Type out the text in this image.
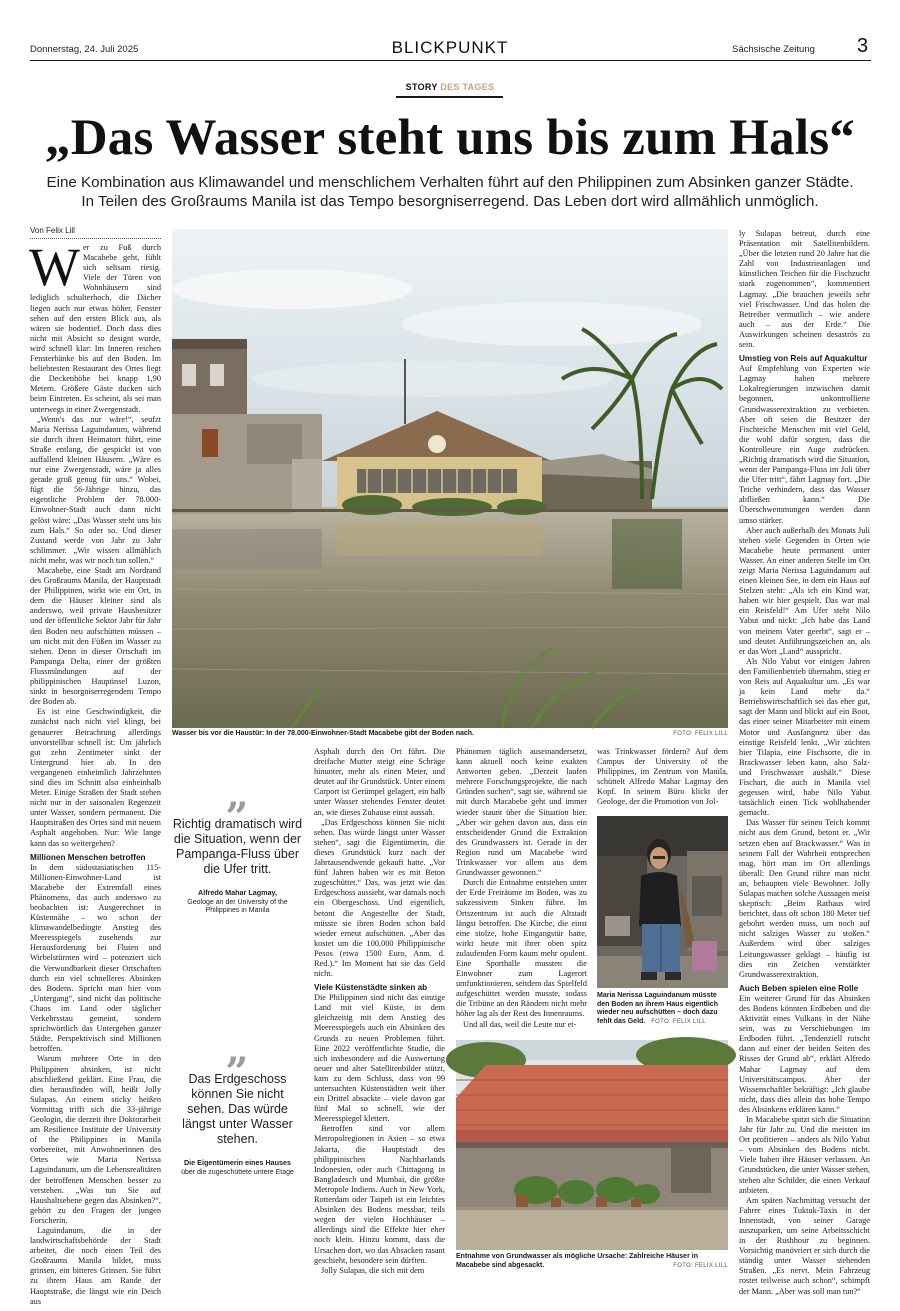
Donnerstag, 24. Juli 2025	BLICKPUNKT	Sächsische Zeitung 3
STORY DES TAGES
„Das Wasser steht uns bis zum Hals“
Eine Kombination aus Klimawandel und menschlichem Verhalten führt auf den Philippinen zum Absinken ganzer Städte.
In Teilen des Großraums Manila ist das Tempo besorgniserregend. Das Leben dort wird allmählich unmöglich.
Von Felix Lill
W er zu Fuß durch Macabebe geht, fühlt sich seltsam riesig. Viele der Türen von Wohnhäusern sind lediglich schulterhoch, die Dächer liegen auch nur etwas höher. Fenster sehen auf den ersten Blick aus, als wären sie bodentief. Doch dass dies nicht mit Absicht so designt wurde, wird schnell klar: Im Inneren reichen Fensterbänke bis auf den Boden. Im beliebtesten Restaurant des Ortes liegt die Deckenhöhe bei knapp 1,90 Metern. Größere Gäste ducken sich beim Eintreten. Es scheint, als sei man unterwegs in einer Zwergenstadt.

„Wenn's das nur wäre!“, seufzt Maria Nerissa Laguindanum, während sie durch ihren Heimatort führt, eine Straße entlang, die gespickt ist von auffallend kleinen Häusern. „Wäre es nur eine Zwergenstadt, wäre ja alles gerade groß genug für uns.“ Wobei, fügt die 56-Jährige hinzu, das eigentliche Problem der 78.000-Einwohner-Stadt auch dann nicht gelöst wäre: „Das Wasser steht uns bis zum Hals.“ So oder so. Und dieser Zustand werde von Jahr zu Jahr schlimmer. „Wir wissen allmählich nicht mehr, was wir noch tun sollen.“

Macabebe, eine Stadt am Nordrand des Großraums Manila, der Hauptstadt der Philippinen, wirkt wie ein Ort, in dem die Häuser kleiner sind als anderswo, weil private Hausbesitzer und der öffentliche Sektor Jahr für Jahr den Boden neu aufschütten müssen – um nicht mit den Füßen im Wasser zu stehen. Denn in dieser Ortschaft im Pampanga Delta, einer der größten Flussmündungen auf der philippinischen Hauptinsel Luzon, sinkt in besorgniserregendem Tempo der Boden ab.

Es ist eine Geschwindigkeit, die zunächst nach nicht viel klingt, bei genauerer Betrachtung allerdings unvorstellbar schnell ist: Um jährlich gut zehn Zentimeter sinkt der Untergrund hier ab. In den vergangenen einheimlich Jahrzehnten sind dies im Schnitt also einheinhalb Meter. Einige Straßen der Stadt stehen nicht nur in der saisonalen Regenzeit unter Wasser, sondern permanent. Die Hauptstraßen des Ortes sind mit neuem Asphalt angehoben. Nur: Wie lange kann das so weitergehen?

Millionen Menschen betroffen

In dem südostasiatischen 115-Millionen-Einwohner-Land ist Macabebe der Extremfall eines Phänomens, das auch anderswo zu beobachten ist: Ausgerechnet in Küstennähe – wo schon der klimawandelbedingte Anstieg des Meeresspiegels zusehends zur Herausforderung bei Fluten und Wirbelstürmen wird – potenziert sich die Verwundbarkeit dieser Ortschaften durch ein viel schnelleres Absinken des Bodens. Spricht man hier vom „Untergang“, sind nicht das politische Chaos im Land oder täglicher Verkehrsstau gemeint, sondern sprichwörtlich das Untergehen ganzer Städte. Perspektivisch sind Millionen betroffen.

Warum mehrere Orte in den Philippinen absinken, ist nicht abschließend geklärt. Eine Frau, die dies herausfinden will, heißt Jolly Sulapas. An einem sticky heißen Vormittag trifft sich die 33-jährige Geologin, die derzeit ihre Doktorarbeit am Resilience Institute der University of the Philippines in Manila vorbereitet, mit Anwohnerinnen des Ortes wie Maria Nerissa Laguindanum, um die Lebensrealitäten der betroffenen Menschen besser zu verstehen. „Was tun Sie auf Haushaltsebene gegen das Absinken?“, gehört zu den Fragen der jungen Forscherin.

Laguindanum, die in der landwirtschaftsbehörde der Stadt arbeitet, die noch einen Teil des Großraums Manila bildet, muss grinsen, ein bitteres Grinsen. Sie führt zu ihrem Haus am Rande der Hauptstraße, die längst wie ein Deich aus

Wasser bis vor die Haustür: In der 78.000-Einwohner-Stadt Macabebe gibt der Boden nach.	FOTO: FELIX LILL
„
Richtig dramatisch wird die Situation, wenn der Pampanga-Fluss über die Ufer tritt.
Alfredo Mahar Lagmay,
Geologe an der University of the Philippines in Manila
„
Das Erdgeschoss können Sie nicht sehen. Das würde längst unter Wasser stehen.
Die Eigentümerin eines Hauses
über die zugeschüttete untere Etage

Asphalt durch den Ort führt. Die dreifache Mutter steigt eine Schräge hinunter, mehr als einen Meter, und deutet auf ihr Grundstück. Unter einem Carport ist Gerümpel gelagert, ein halb unter Wasser stehendes Fenster deutet an, wie dieses Zuhause einst aussah.

„Das Erdgeschoss können Sie nicht sehen. Das würde längst unter Wasser stehen“, sagt die Eigentümerin, die dieses Grundstück kurz nach der Jahrtausendwende gekauft hatte. „Vor fünf Jahren haben wir es mit Beton zugeschüttet.“ Das, was jetzt wie das Erdgeschoss aussieht, war damals noch ein Obergeschoss. Und eigentlich, betont die Angestellte der Stadt, müsste sie ihren Boden schon bald wieder erneut aufschütten. „Aber das kostet um die 100.000 Philippinische Pesos (etwa 1500 Euro, Anm. d. Red.).“ Im Moment hat sie das Geld nicht.

Viele Küstenstädte sinken ab

Die Philippinen sind nicht das einzige Land mit viel Küste, in dem gleichzeitig mit dem Anstieg des Meeresspiegels auch ein Absinken des Grunds zu neuen Problemen führt. Eine 2022 veröffentlichte Studie, die sich insbesondere auf die Auswertung neuer und alter Satellitenbilder stützt, kam zu dem Schluss, dass von 99 untersuchten Küstenstädten weit über ein Drittel absackte – viele davon gar fünf Mal so schnell, wie der Meeresspiegel klettert.

Betroffen sind vor allem Metropolregionen in Asien – so etwa Jakarta, die Hauptstadt des philippinischen Nachbarlands Indonesien, oder auch Chittagong in Bangladesch und Mumbai, die größte Metropole Indiens. Auch in New York, Rotterdam oder Taipeh ist ein leichtes Absinken des Bodens messbar, teils wegen der vielen Hochhäuser – allerdings sind die Effekte hier eher noch klein. Hinzu kommt, dass die Ursachen dort, wo das Absacken rasant geschieht, besondere sein dürften.

Jolly Sulapas, die sich mit dem

Phänomen täglich auseinandersetzt, kann aktuell noch keine exakten Antworten geben. „Derzeit laufen mehrere Forschungsprojekte, die nach Gründen suchen“, sagt sie, während sie mit durch Macabebe geht und immer wieder staunt über die Situation hier. „Aber wir gehen davon aus, dass ein entscheidender Grund die Extraktion des Grundwassers ist. Gerade in der Region rund um Macabebe wird Trinkwasser vor allem aus dem Grundwasser gewonnen.“

Durch die Entnahme entstehen unter der Erde Freiräume im Boden, was zu sukzessivem Sinken führe. Im Ortszentrum ist auch die Altstadt längst betroffen. Die Kirche, die einst eine stolze, hohe Eingangstür hatte, wirkt heute mit ihrer oben spitz zulaufenden Form kaum mehr opulent. Eine Sporthalle mussten die Einwohner zum Lagerort umfunktionieren, seitdem das Spielfeld aufgeschüttet werden musste, sodass die Tribüne an den Rändern nicht mehr höher lag als der Rest des Innenraums.

Und all das, weil die Leute nur et-

was Trinkwasser fördern? Auf dem Campus der University of the Philippines, im Zentrum von Manila, schüttelt Alfredo Mahar Lagmay den Kopf. In seinem Büro klickt der Geologe, der die Promotion von Jol-

Maria Nerissa Laguindanum müsste den Boden an ihrem Haus eigentlich wieder neu aufschütten – doch dazu fehlt das Geld. FOTO: FELIX LILL
Entnahme von Grundwasser als mögliche Ursache: Zahlreiche Häuser in Macabebe sind abgesackt.	FOTO: FELIX LILL

ly Sulapas betreut, durch eine Präsentation mit Satellitenbildern. „Über die letzten rund 20 Jahre hat die Zahl von Industrieanlagen und künstlichen Teichen für die Fischzucht stark zugenommen“, kommentiert Lagmay. „Die brauchen jeweils sehr viel Frischwasser. Und das holen die Betreiber vermutlich – wie andere auch – aus der Erde.“ Die Auswirkungen scheinen desaströs zu sein.

Umstieg von Reis auf Aquakultur

Auf Empfehlung von Experten wie Lagmay haben mehrere Lokalregierungen inzwischen damit begonnen, unkontrollierte Grundwasserextraktion zu verbieten. Aber oft seien die Besitzer der Fischteiche Menschen mit viel Geld, die wohl dafür sorgten, dass die Kontrolleure ein Auge zudrücken. „Richtig dramatisch wird die Situation, wenn der Pampanga-Fluss im Juli über die Ufer tritt“, fährt Lagmay fort. „Die Teiche verhindern, dass das Wasser abfließen kann.“ Die Überschwemmungen werden dann umso stärker.

Aber auch außerhalb des Monats Juli stehen viele Gegenden in Orten wie Macabebe heute permanent unter Wasser. An einer anderen Stelle im Ort zeigt Maria Nerissa Laguindanum auf einen kleinen See, in dem ein Haus auf Stelzen steht: „Als ich ein Kind war, haben wir hier gespielt. Das war mal ein Reisfeld!“ Am Ufer steht Nilo Yabut und nickt: „Ich habe das Land von meinem Vater geerbt“, sagt er – und deutet Anführungszeichen an, als er das Wort „Land“ ausspricht.

Als Nilo Yabut vor einigen Jahren den Familienbetrieb übernahm, stieg er von Reis auf Aquakultur um. „Es war ja kein Land mehr da.“ Betriebswirtschaftlich sei das eher gut, sagt der Mann und blickt auf ein Boot, das einer seiner Mitarbeiter mit einem Motor und Ausfangnetz über das einstige Reisfeld lenkt. „Wir züchten hier Tilapia, eine Fischsorte, die in Brackwasser leben kann, also Salz- und Frischwasser aushält.“ Diese Fischart, die auch in Manila viel gegessen wird, habe Nilo Yabut tatsächlich einen Tick wohlhabender gemacht.

Das Wasser für seinen Teich kommt nicht aus dem Grund, betont er. „Wir setzen eben auf Brackwasser.“ Was in seinem Fall der Wahrheit entsprechen mag, hört man im Ort allerdings überall: Den Grund rühre man nicht an, behaupten viele Bewohner. Jolly Sulapas machen solche Aussagen meist skeptisch: „Beim Rathaus wird berichtet, dass oft schon 180 Meter tief gebohrt werden muss, um noch auf nicht salziges Wasser zu stoßen.“ Außerdem wird über salziges Leitungswasser geklagt – häufig ist dies ein Zeichen verstärkter Grundwasserextraktion.

Auch Beben spielen eine Rolle

Ein weiterer Grund für das Absinken des Bodens könnten Erdbeben und die Aktivität eines Vulkans in der Nähe sein, was zu Verschiebungen im Erdboden führt. „Tendenziell rutscht dann auf einer der beiden Seiten des Risses der Grund ab“, erklärt Alfredo Mahar Lagmay auf dem Universitätscampus. Aber der Wissenschaftler bekräftigt: „Ich glaube nicht, dass dies allein das hohe Tempo des Absinkens erklären kann.“

In Macabebe spitzt sich die Situation Jahr für Jahr zu. Und die meisten im Ort profitieren – anders als Nilo Yabut – vom Absinken des Bodens nicht. Viele haben ihre Häuser verlassen. An Grundstücken, die unter Wasser stehen, stehen alte Schilder, die einen Verkauf anbieten.

Am späten Nachmittag versucht der Fahrer eines Tuktuk-Taxis in der Innenstadt, von seiner Garage auszuparken, um seine Arbeitsschicht in der Rushhour zu beginnen. Vorsichtig manövriert er sich durch die ständig unter Wasser stehenden Straßen. „Es nervt. Mein Fahrzeug rostet teilweise auch schon“, schimpft der Mann. „Aber was soll man tun?“
